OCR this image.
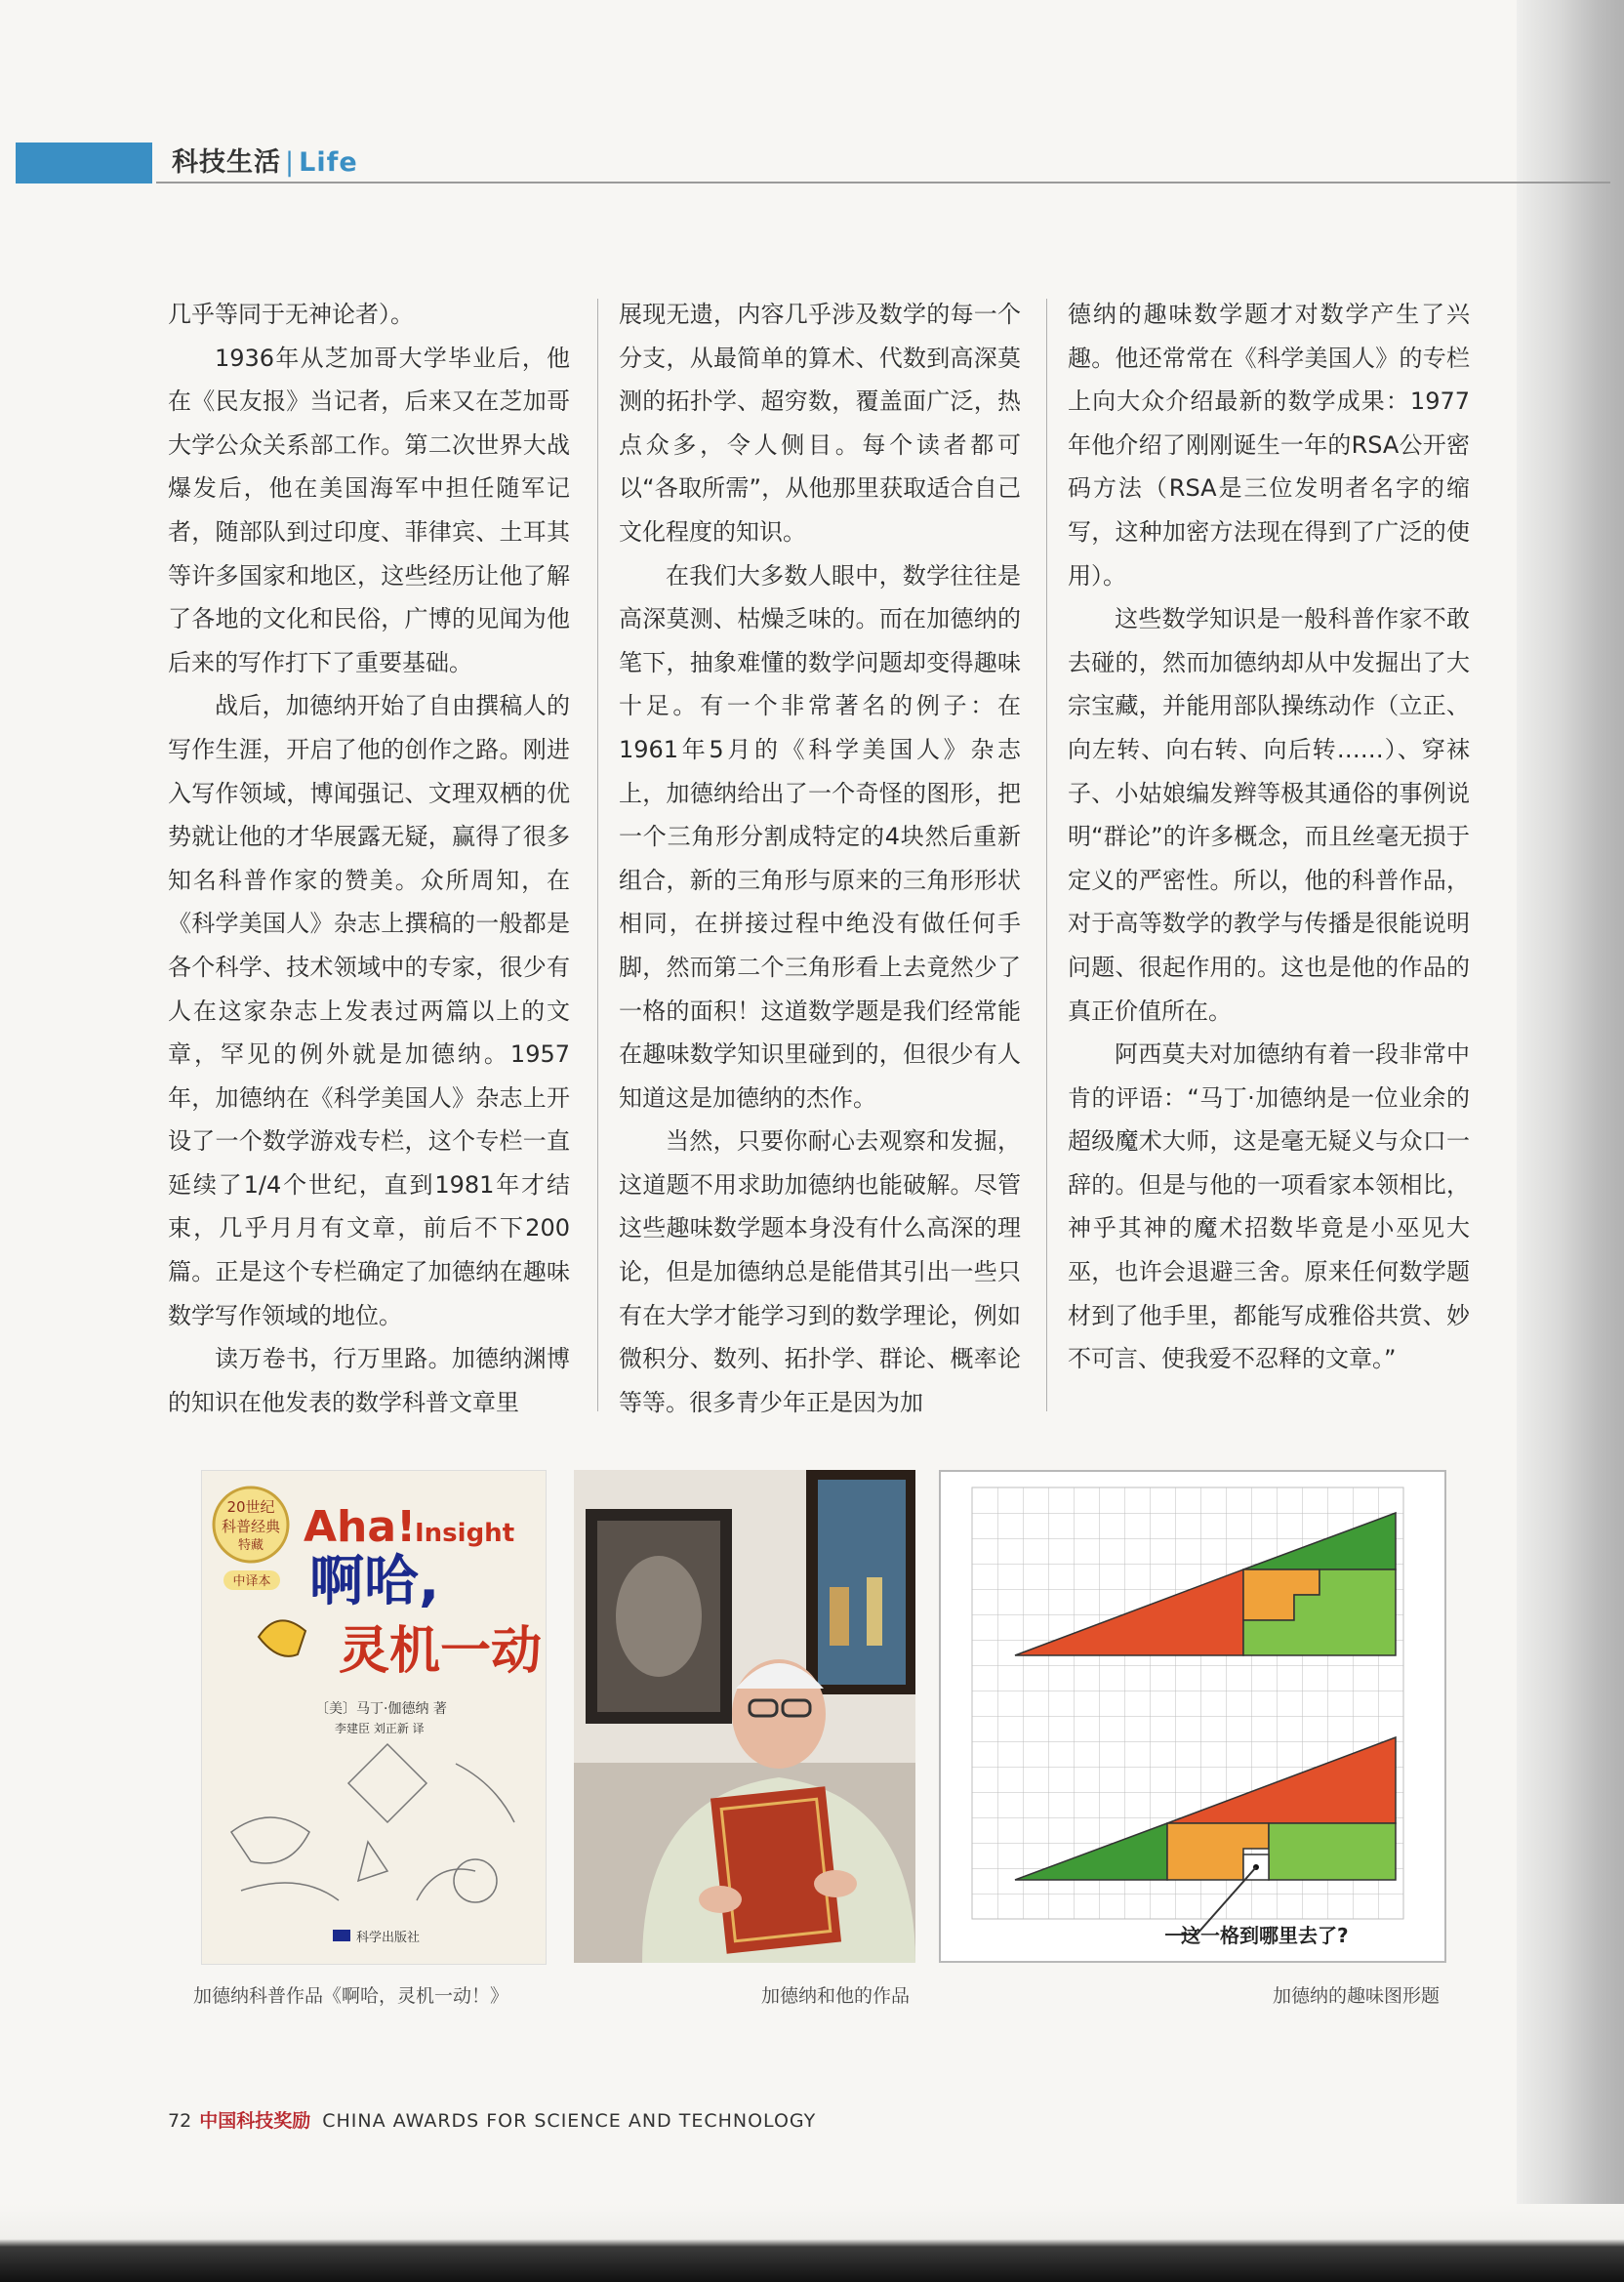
科技生活 | Life

几乎等同于无神论者）。

1936年从芝加哥大学毕业后，他在《民友报》当记者，后来又在芝加哥大学公众关系部工作。第二次世界大战爆发后，他在美国海军中担任随军记者，随部队到过印度、菲律宾、土耳其等许多国家和地区，这些经历让他了解了各地的文化和民俗，广博的见闻为他后来的写作打下了重要基础。

战后，加德纳开始了自由撰稿人的写作生涯，开启了他的创作之路。刚进入写作领域，博闻强记、文理双栖的优势就让他的才华展露无疑，赢得了很多知名科普作家的赞美。众所周知，在《科学美国人》杂志上撰稿的一般都是各个科学、技术领域中的专家，很少有人在这家杂志上发表过两篇以上的文章，罕见的例外就是加德纳。1957年，加德纳在《科学美国人》杂志上开设了一个数学游戏专栏，这个专栏一直延续了1/4个世纪，直到1981年才结束，几乎月月有文章，前后不下200篇。正是这个专栏确定了加德纳在趣味数学写作领域的地位。

读万卷书，行万里路。加德纳渊博的知识在他发表的数学科普文章里

展现无遗，内容几乎涉及数学的每一个分支，从最简单的算术、代数到高深莫测的拓扑学、超穷数，覆盖面广泛，热点众多，令人侧目。每个读者都可以“各取所需”，从他那里获取适合自己文化程度的知识。

在我们大多数人眼中，数学往往是高深莫测、枯燥乏味的。而在加德纳的笔下，抽象难懂的数学问题却变得趣味十足。有一个非常著名的例子：在1961年5月的《科学美国人》杂志上，加德纳给出了一个奇怪的图形，把一个三角形分割成特定的4块然后重新组合，新的三角形与原来的三角形形状相同，在拼接过程中绝没有做任何手脚，然而第二个三角形看上去竟然少了一格的面积！这道数学题是我们经常能在趣味数学知识里碰到的，但很少有人知道这是加德纳的杰作。

当然，只要你耐心去观察和发掘，这道题不用求助加德纳也能破解。尽管这些趣味数学题本身没有什么高深的理论，但是加德纳总是能借其引出一些只有在大学才能学习到的数学理论，例如微积分、数列、拓扑学、群论、概率论等等。很多青少年正是因为加

德纳的趣味数学题才对数学产生了兴趣。他还常常在《科学美国人》的专栏上向大众介绍最新的数学成果：1977年他介绍了刚刚诞生一年的RSA公开密码方法（RSA是三位发明者名字的缩写，这种加密方法现在得到了广泛的使用）。

这些数学知识是一般科普作家不敢去碰的，然而加德纳却从中发掘出了大宗宝藏，并能用部队操练动作（立正、向左转、向右转、向后转……）、穿袜子、小姑娘编发辫等极其通俗的事例说明“群论”的许多概念，而且丝毫无损于定义的严密性。所以，他的科普作品，对于高等数学的教学与传播是很能说明问题、很起作用的。这也是他的作品的真正价值所在。

阿西莫夫对加德纳有着一段非常中肯的评语：“马丁·加德纳是一位业余的超级魔术大师，这是毫无疑义与众口一辞的。但是与他的一项看家本领相比，神乎其神的魔术招数毕竟是小巫见大巫，也许会退避三舍。原来任何数学题材到了他手里，都能写成雅俗共赏、妙不可言、使我爱不忍释的文章。”

20世纪
科普经典
特藏
中译本
Aha!
Insight
啊哈,
灵机一动
〔美〕马丁·伽德纳 著
李建臣 刘正新 译
科学出版社	这一格到哪里去了?
加德纳科普作品《啊哈，灵机一动！》	加德纳和他的作品	加德纳的趣味图形题
72 中国科技奖励 CHINA AWARDS FOR SCIENCE AND TECHNOLOGY
